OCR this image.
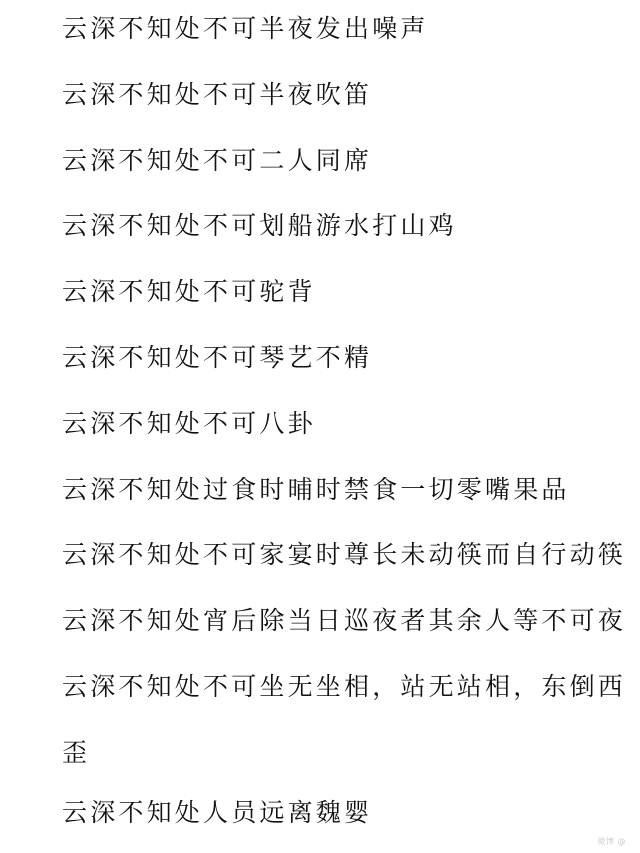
云深不知处不可半夜发出噪声
云深不知处不可半夜吹笛
云深不知处不可二人同席
云深不知处不可划船游水打山鸡
云深不知处不可驼背
云深不知处不可琴艺不精
云深不知处不可八卦
云深不知处过食时晡时禁食一切零嘴果品
云深不知处不可家宴时尊长未动筷而自行动筷
云深不知处宵后除当日巡夜者其余人等不可夜
云深不知处不可坐无坐相，站无站相，东倒西
歪
云深不知处人员远离魏婴
微博 @
